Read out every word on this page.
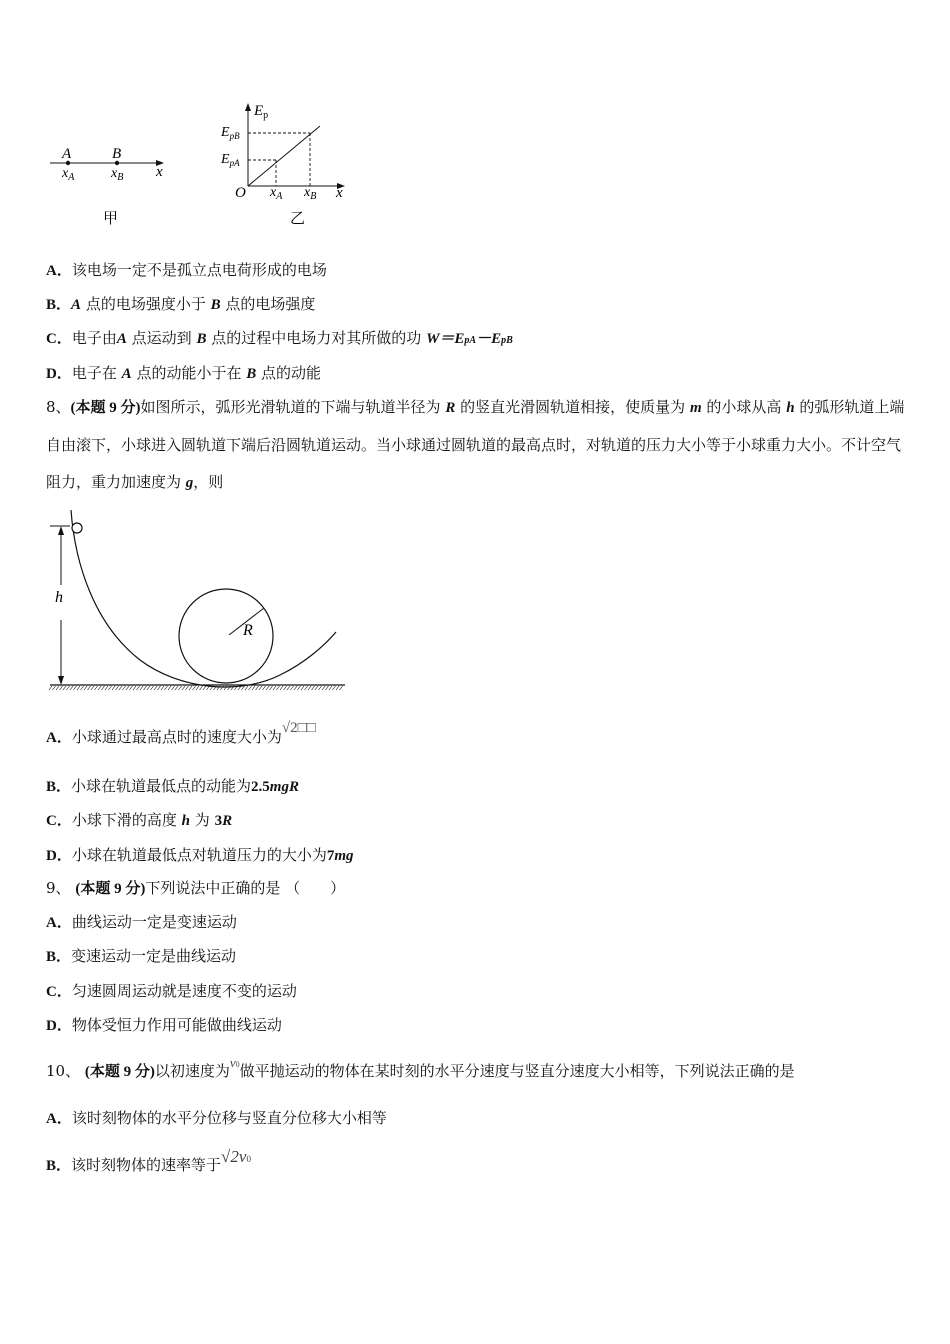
A	B
$x_A$	$x_B$ x
甲
$E_p$
$E_{pB}$
$E_{pA}$
O $x_A$ $x_B$ x
乙
A．该电场一定不是孤立点电荷形成的电场
B．A 点的电场强度小于 B 点的电场强度
C．电子由A 点运动到 B 点的过程中电场力对其所做的功 W＝EpA－EpB
D．电子在 A 点的动能小于在 B 点的动能
8、(本题 9 分)如图所示，弧形光滑轨道的下端与轨道半径为 R 的竖直光滑圆轨道相接，使质量为 m 的小球从高 h 的弧形轨道上端自由滚下，小球进入圆轨道下端后沿圆轨道运动。当小球通过圆轨道的最高点时，对轨道的压力大小等于小球重力大小。不计空气阻力，重力加速度为 g，则
h
R
A．小球通过最高点时的速度大小为√2□□
B．小球在轨道最低点的动能为2.5mgR
C．小球下滑的高度 h 为 3R
D．小球在轨道最低点对轨道压力的大小为7mg
9、 (本题 9 分)下列说法中正确的是 （　　）
A．曲线运动一定是变速运动
B．变速运动一定是曲线运动
C．匀速圆周运动就是速度不变的运动
D．物体受恒力作用可能做曲线运动
10、 (本题 9 分)以初速度为v0做平抛运动的物体在某时刻的水平分速度与竖直分速度大小相等，下列说法正确的是
A．该时刻物体的水平分位移与竖直分位移大小相等
B．该时刻物体的速率等于√2v0
